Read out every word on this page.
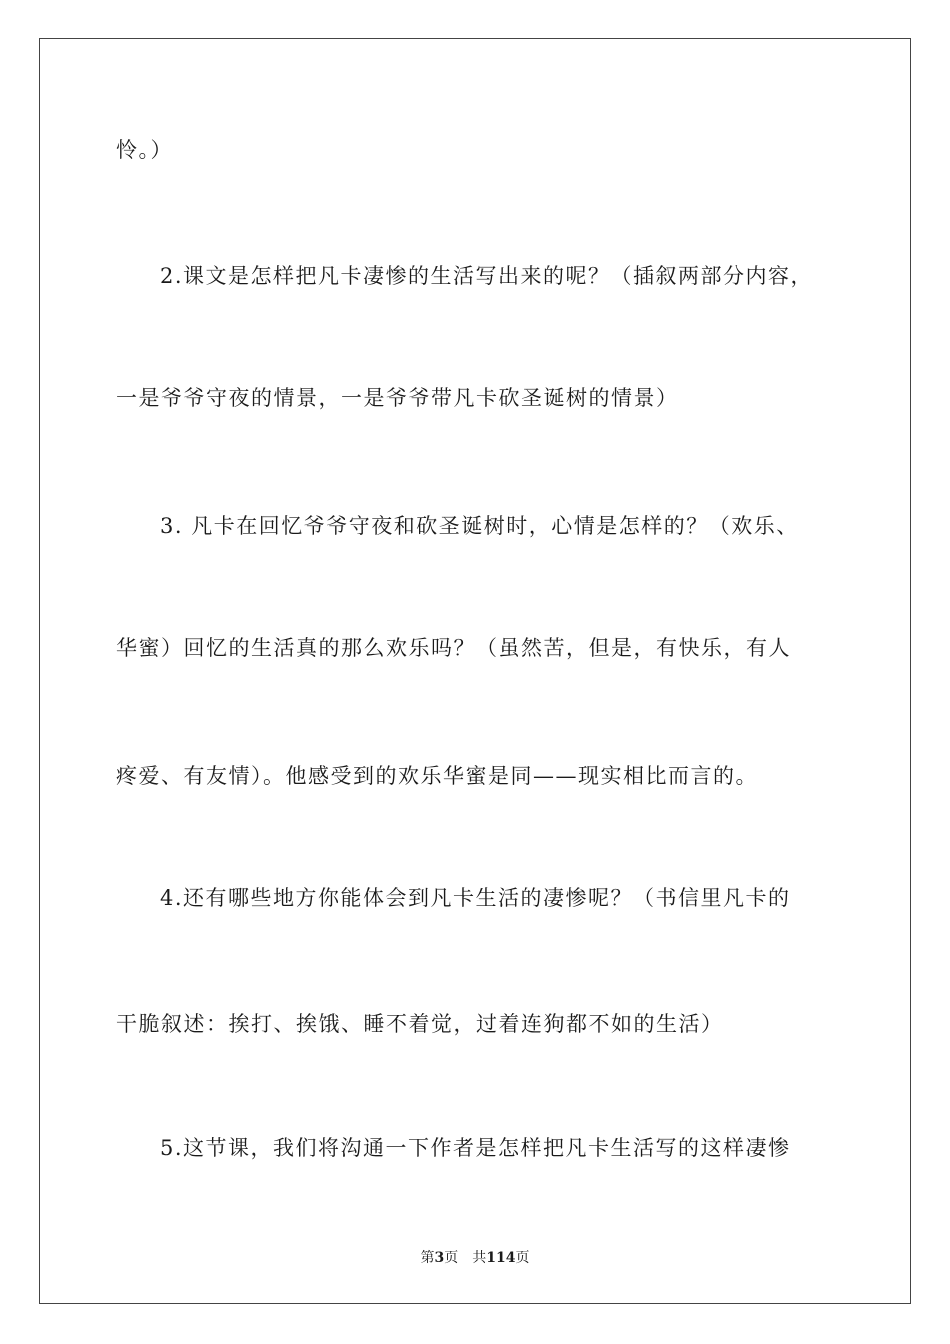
怜。）
2.课文是怎样把凡卡凄惨的生活写出来的呢？（插叙两部分内容，
一是爷爷守夜的情景，一是爷爷带凡卡砍圣诞树的情景）
3. 凡卡在回忆爷爷守夜和砍圣诞树时，心情是怎样的？（欢乐、
华蜜）回忆的生活真的那么欢乐吗？（虽然苦，但是，有快乐，有人
疼爱、有友情）。他感受到的欢乐华蜜是同——现实相比而言的。
4.还有哪些地方你能体会到凡卡生活的凄惨呢？（书信里凡卡的
干脆叙述：挨打、挨饿、睡不着觉，过着连狗都不如的生活）
5.这节课，我们将沟通一下作者是怎样把凡卡生活写的这样凄惨
第3页 共114页
